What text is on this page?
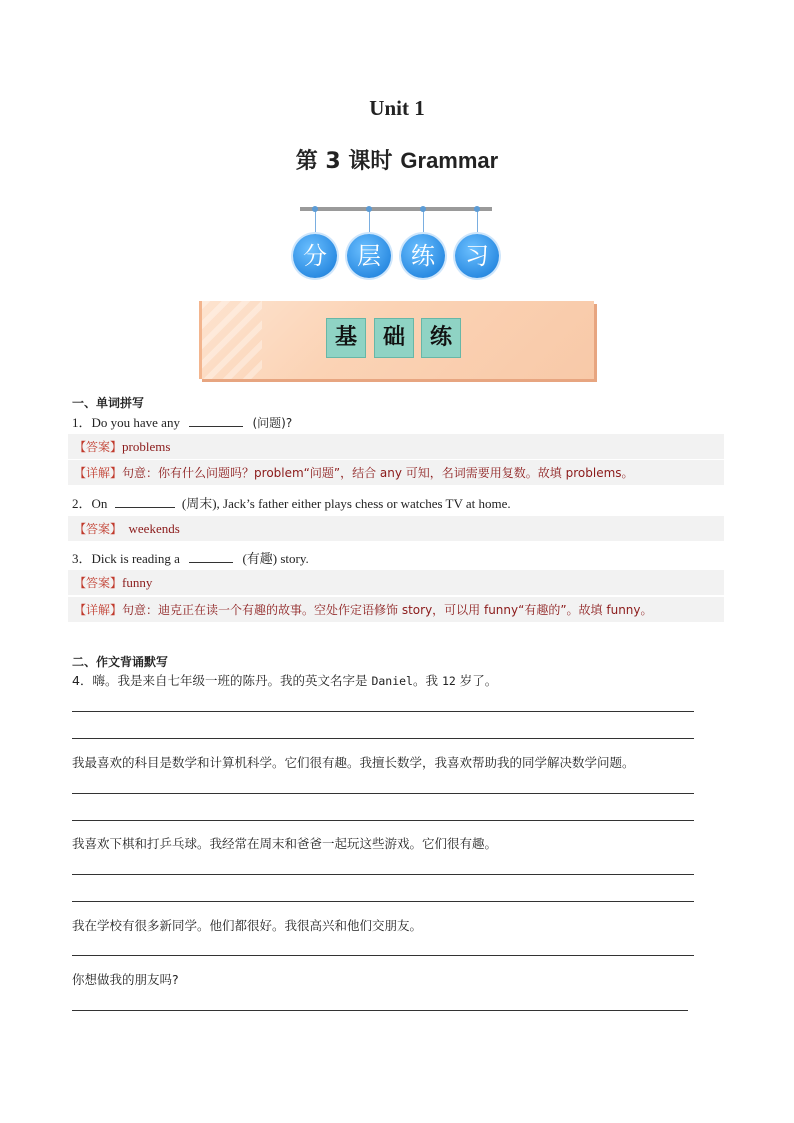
Unit 1
第 3 课时 Grammar
分	层	练	习
基	础	练
一、单词拼写
1．Do you have any	(问题)?
【答案】problems
【详解】句意：你有什么问题吗？problem“问题”，结合 any 可知，名词需要用复数。故填 problems。
2．On	(周末), Jack’s father either plays chess or watches TV at home.
【答案】 weekends
3．Dick is reading a	(有趣) story.
【答案】funny
【详解】句意：迪克正在读一个有趣的故事。空处作定语修饰 story，可以用 funny“有趣的”。故填 funny。
二、作文背诵默写
4．嗨。我是来自七年级一班的陈丹。我的英文名字是 Daniel。我 12 岁了。
我最喜欢的科目是数学和计算机科学。它们很有趣。我擅长数学，我喜欢帮助我的同学解决数学问题。
我喜欢下棋和打乒乓球。我经常在周末和爸爸一起玩这些游戏。它们很有趣。
我在学校有很多新同学。他们都很好。我很高兴和他们交朋友。
你想做我的朋友吗?
